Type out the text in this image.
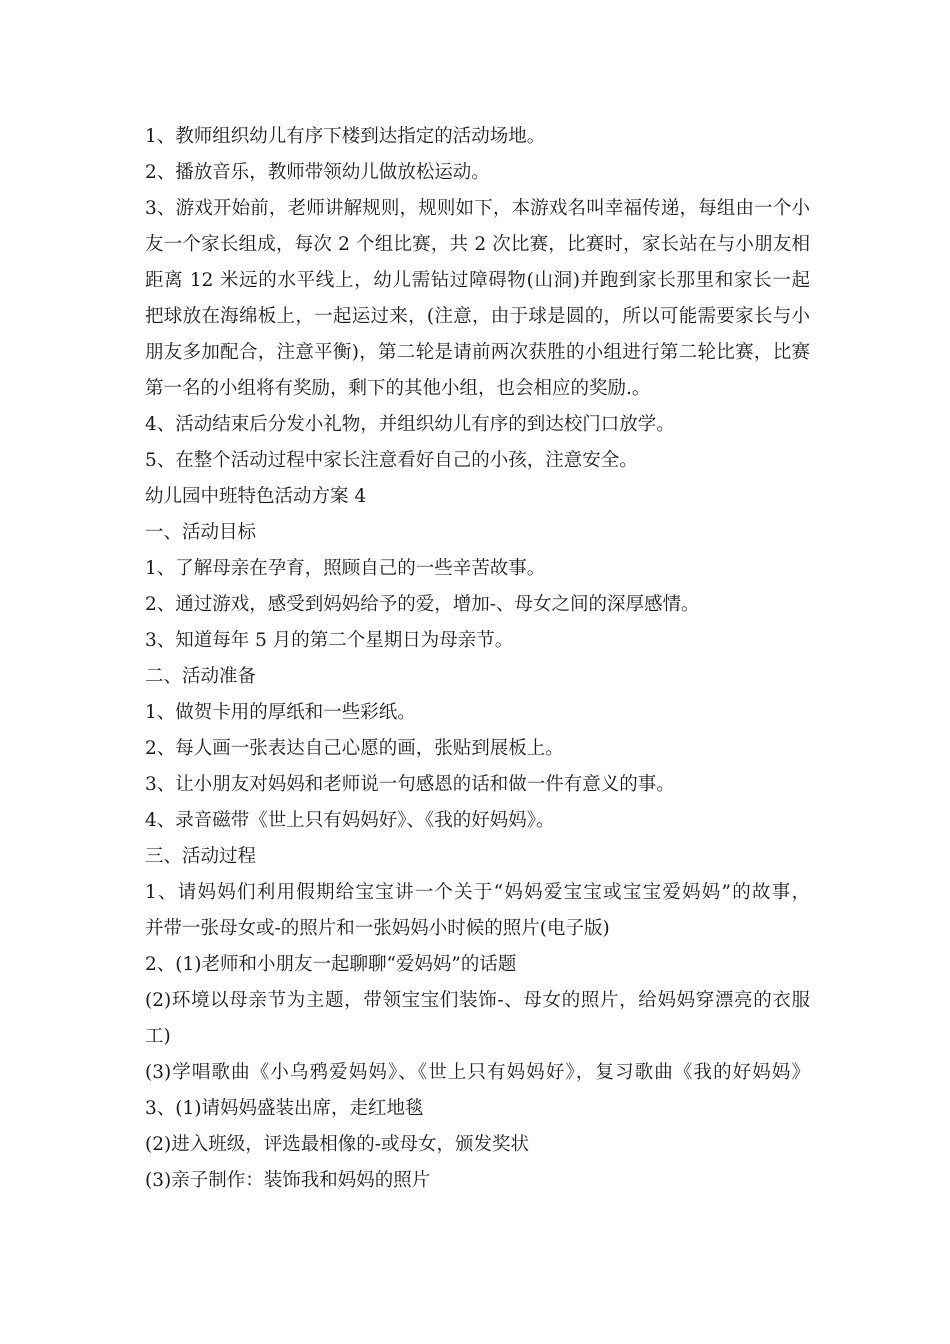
1、教师组织幼儿有序下楼到达指定的活动场地。
2、播放音乐，教师带领幼儿做放松运动。
3、游戏开始前，老师讲解规则，规则如下，本游戏名叫幸福传递，每组由一个小
友一个家长组成，每次 2 个组比赛，共 2 次比赛，比赛时，家长站在与小朋友相
距离 12 米远的水平线上，幼儿需钻过障碍物(山洞)并跑到家长那里和家长一起
把球放在海绵板上，一起运过来，(注意，由于球是圆的，所以可能需要家长与小
朋友多加配合，注意平衡)，第二轮是请前两次获胜的小组进行第二轮比赛，比赛
第一名的小组将有奖励，剩下的其他小组，也会相应的奖励.。
4、活动结束后分发小礼物，并组织幼儿有序的到达校门口放学。
5、在整个活动过程中家长注意看好自己的小孩，注意安全。
幼儿园中班特色活动方案 4
一、活动目标
1、了解母亲在孕育，照顾自己的一些辛苦故事。
2、通过游戏，感受到妈妈给予的爱，增加-、母女之间的深厚感情。
3、知道每年 5 月的第二个星期日为母亲节。
二、活动准备
1、做贺卡用的厚纸和一些彩纸。
2、每人画一张表达自己心愿的画，张贴到展板上。
3、让小朋友对妈妈和老师说一句感恩的话和做一件有意义的事。
4、录音磁带《世上只有妈妈好》、《我的好妈妈》。
三、活动过程
1、请妈妈们利用假期给宝宝讲一个关于“妈妈爱宝宝或宝宝爱妈妈”的故事，
并带一张母女或-的照片和一张妈妈小时候的照片(电子版)
2、(1)老师和小朋友一起聊聊“爱妈妈”的话题
(2)环境以母亲节为主题，带领宝宝们装饰-、母女的照片，给妈妈穿漂亮的衣服
工)
(3)学唱歌曲《小乌鸦爱妈妈》、《世上只有妈妈好》，复习歌曲《我的好妈妈》
3、(1)请妈妈盛装出席，走红地毯
(2)进入班级，评选最相像的-或母女，颁发奖状
(3)亲子制作：装饰我和妈妈的照片
